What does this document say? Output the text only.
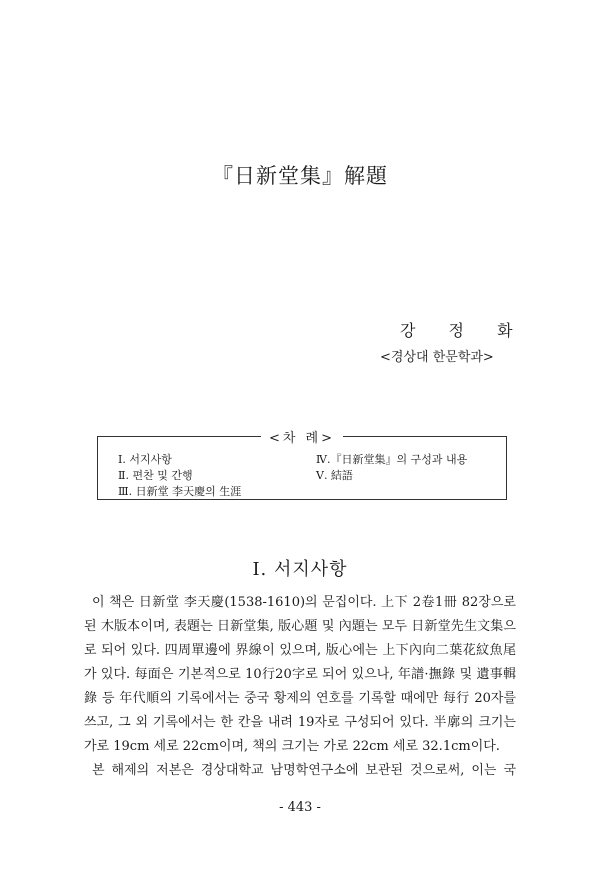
『日新堂集』解題
강 정 화
<경상대 한문학과>
<차 례>
Ⅰ. 서지사항
Ⅱ. 편찬 및 간행
Ⅲ. 日新堂 李天慶의 生涯
Ⅳ.『日新堂集』의 구성과 내용
Ⅴ. 結語
Ⅰ. 서지사항
이 책은 日新堂 李天慶(1538-1610)의 문집이다. 上下 2卷1冊 82장으로
된 木版本이며, 表題는 日新堂集, 版心題 및 內題는 모두 日新堂先生文集으
로 되어 있다. 四周單邊에 界線이 있으며, 版心에는 上下內向二葉花紋魚尾
가 있다. 每面은 기본적으로 10行20字로 되어 있으나, 年譜·撫錄 및 遺事輯
錄 등 年代順의 기록에서는 중국 황제의 연호를 기록할 때에만 每行 20자를
쓰고, 그 외 기록에서는 한 칸을 내려 19자로 구성되어 있다. 半廓의 크기는
가로 19cm 세로 22cm이며, 책의 크기는 가로 22cm 세로 32.1cm이다.
본 해제의 저본은 경상대학교 남명학연구소에 보관된 것으로써, 이는 국
- 443 -
